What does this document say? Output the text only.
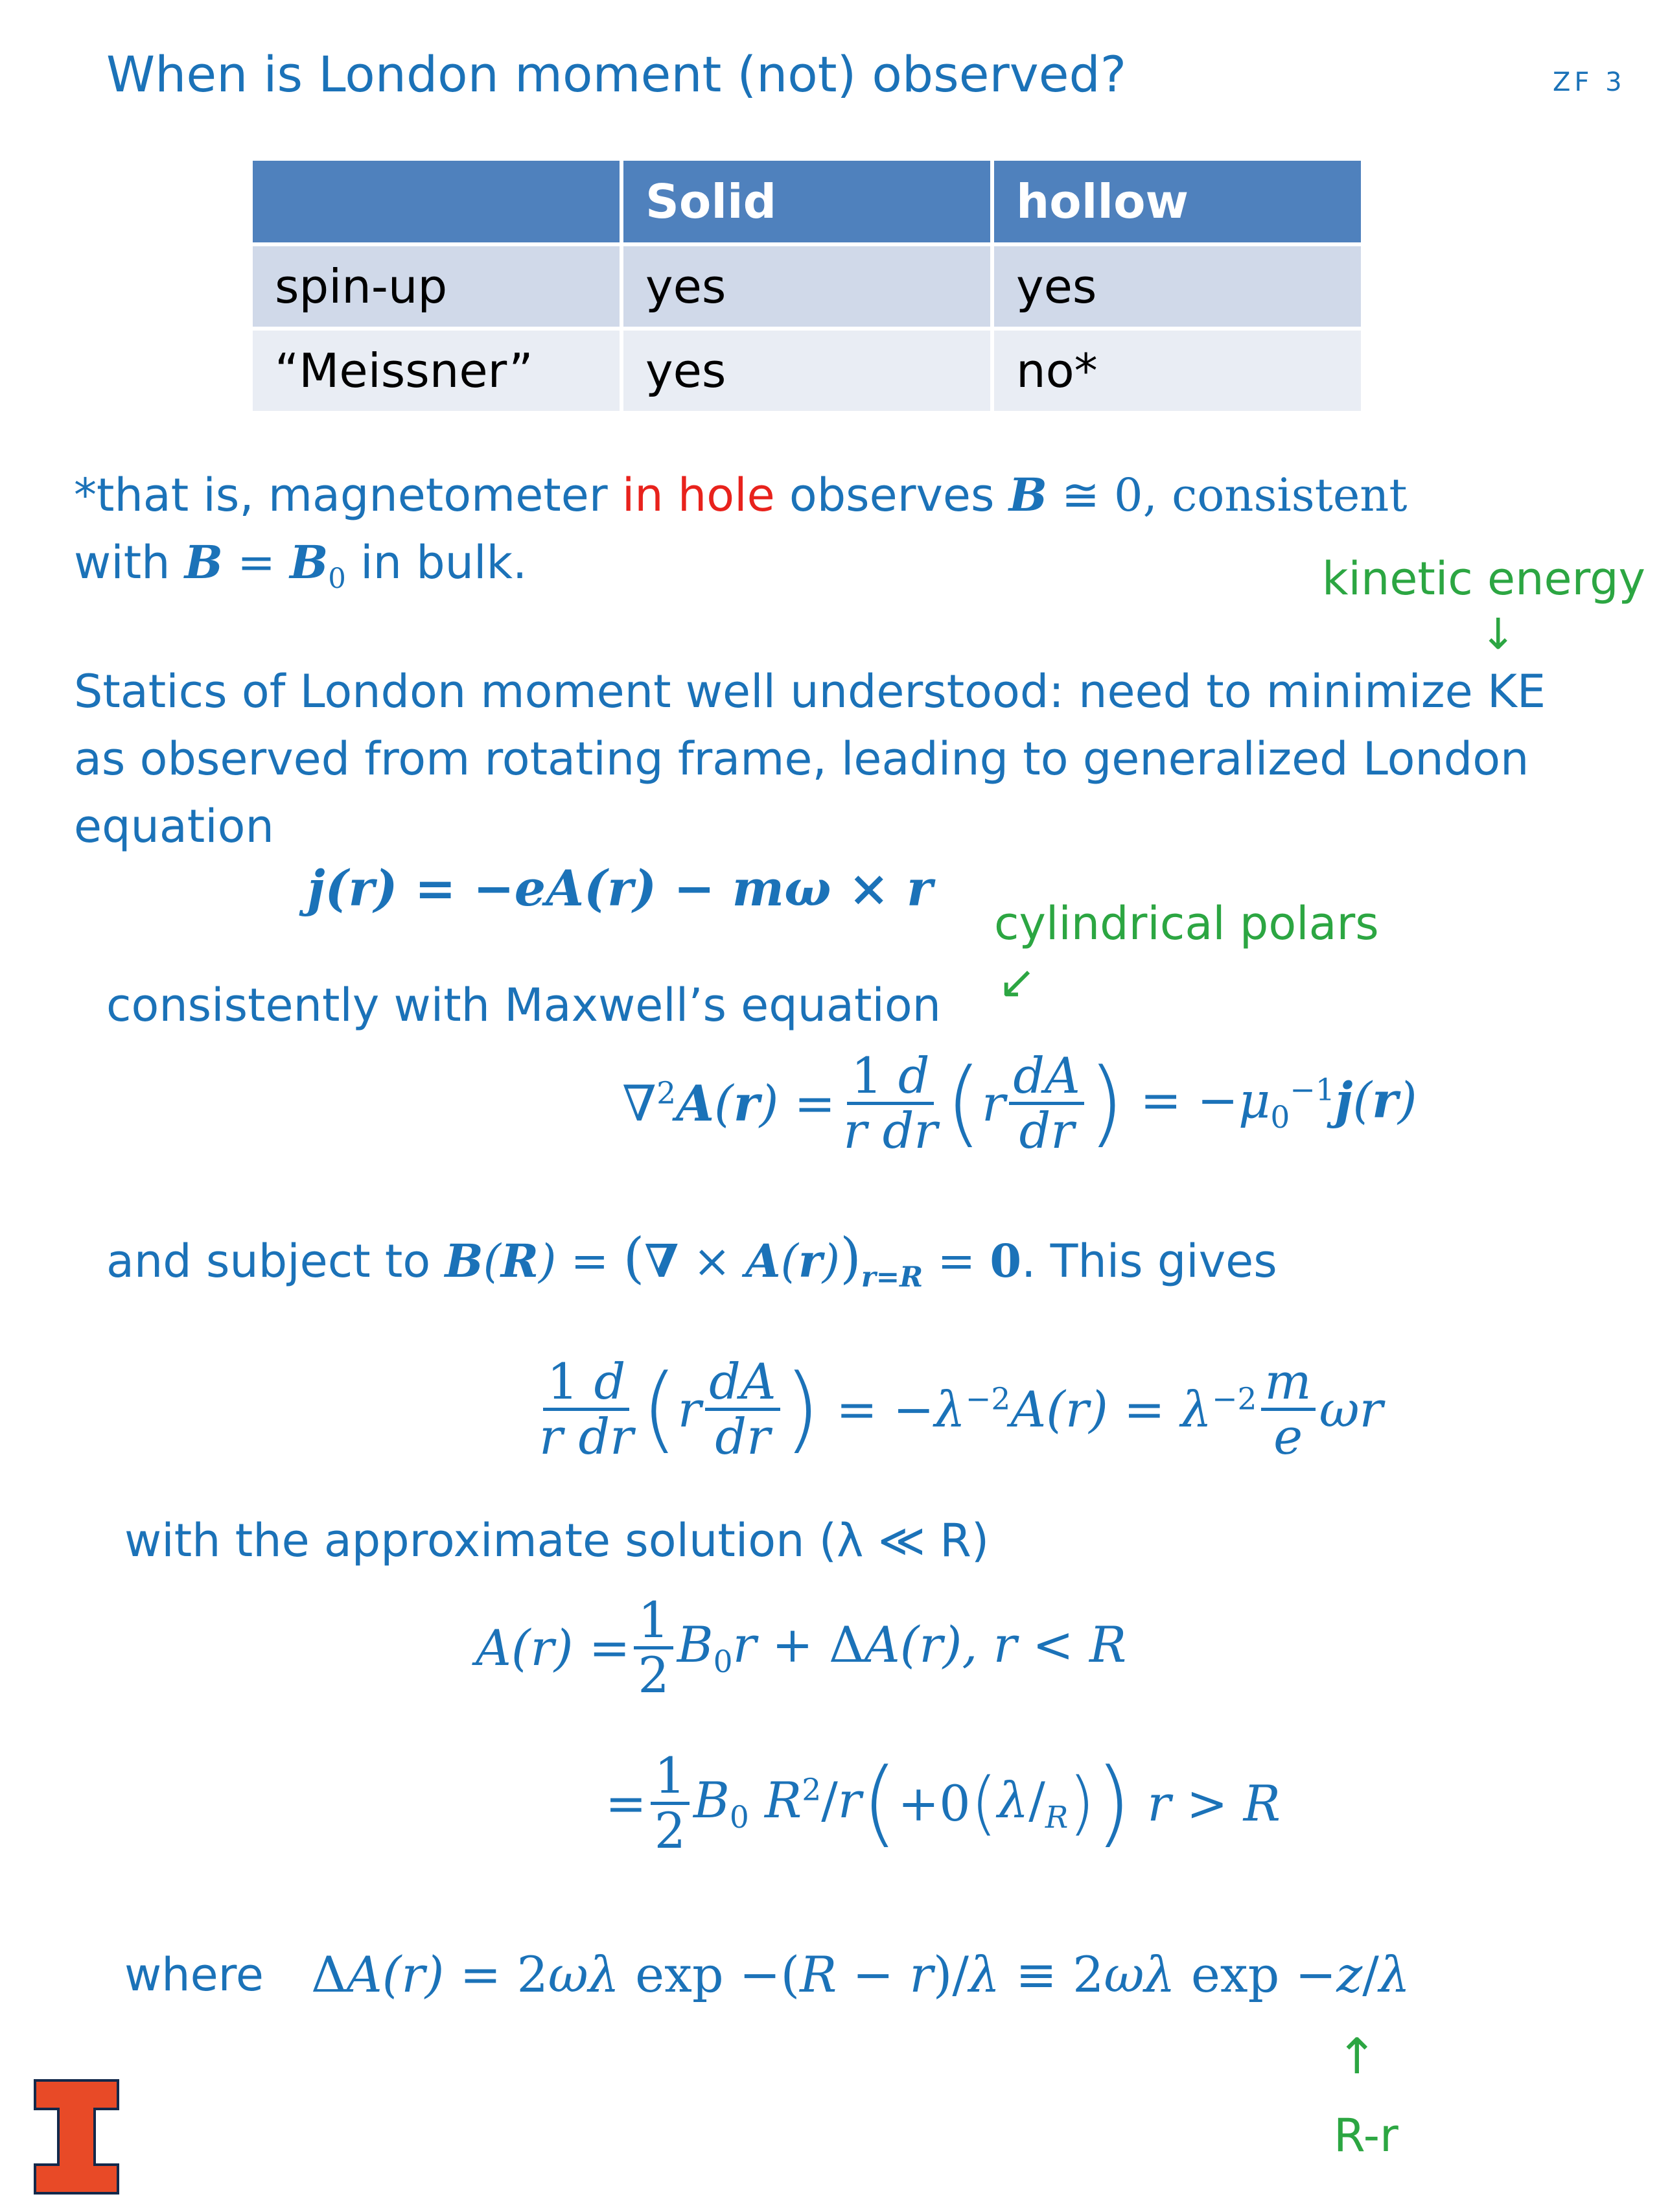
When is London moment (not) observed?	ZF 3
	Solid	hollow
spin-up	yes	yes
“Meissner”	yes	no*
*that is, magnetometer in hole observes B ≅ 0, consistent
with $B = B_0$ in bulk.	kinetic energy
↓
Statics of London moment well understood: need to minimize KE
as observed from rotating frame, leading to generalized London
equation
j(r) = −eA(r) − mω × r
cylindrical polars
↙
consistently with Maxwell’s equation
$\nabla^2A(r) = \frac{1 d}{\text{r dr}}$ ( r $\frac{dA}{dr}$ ) = $-\mu_0^{-1}j(r)$
and subject to B(R) = (∇ × $A(r))_{r=R} = 0$. This gives
$\frac{1 d}{\text{r dr}}$ ( r $\frac{dA}{dr}$ ) = $-\lambda^{-2}A(r) = \lambda^{-2} \frac{m}{e}$ ωr
with the approximate solution (λ ≪ R)
$A(r) = \frac{1}{2} B_0r + \Delta A(r)$, r < R
= $\frac{1}{2} B_0$ $R^2/r$ ( +0 ( $\lambda/_R$ ) ) r > R
where ΔA(r) = 2ωλ exp −(R − r)/λ ≡ 2ωλ exp −z/λ
↑
R-r
